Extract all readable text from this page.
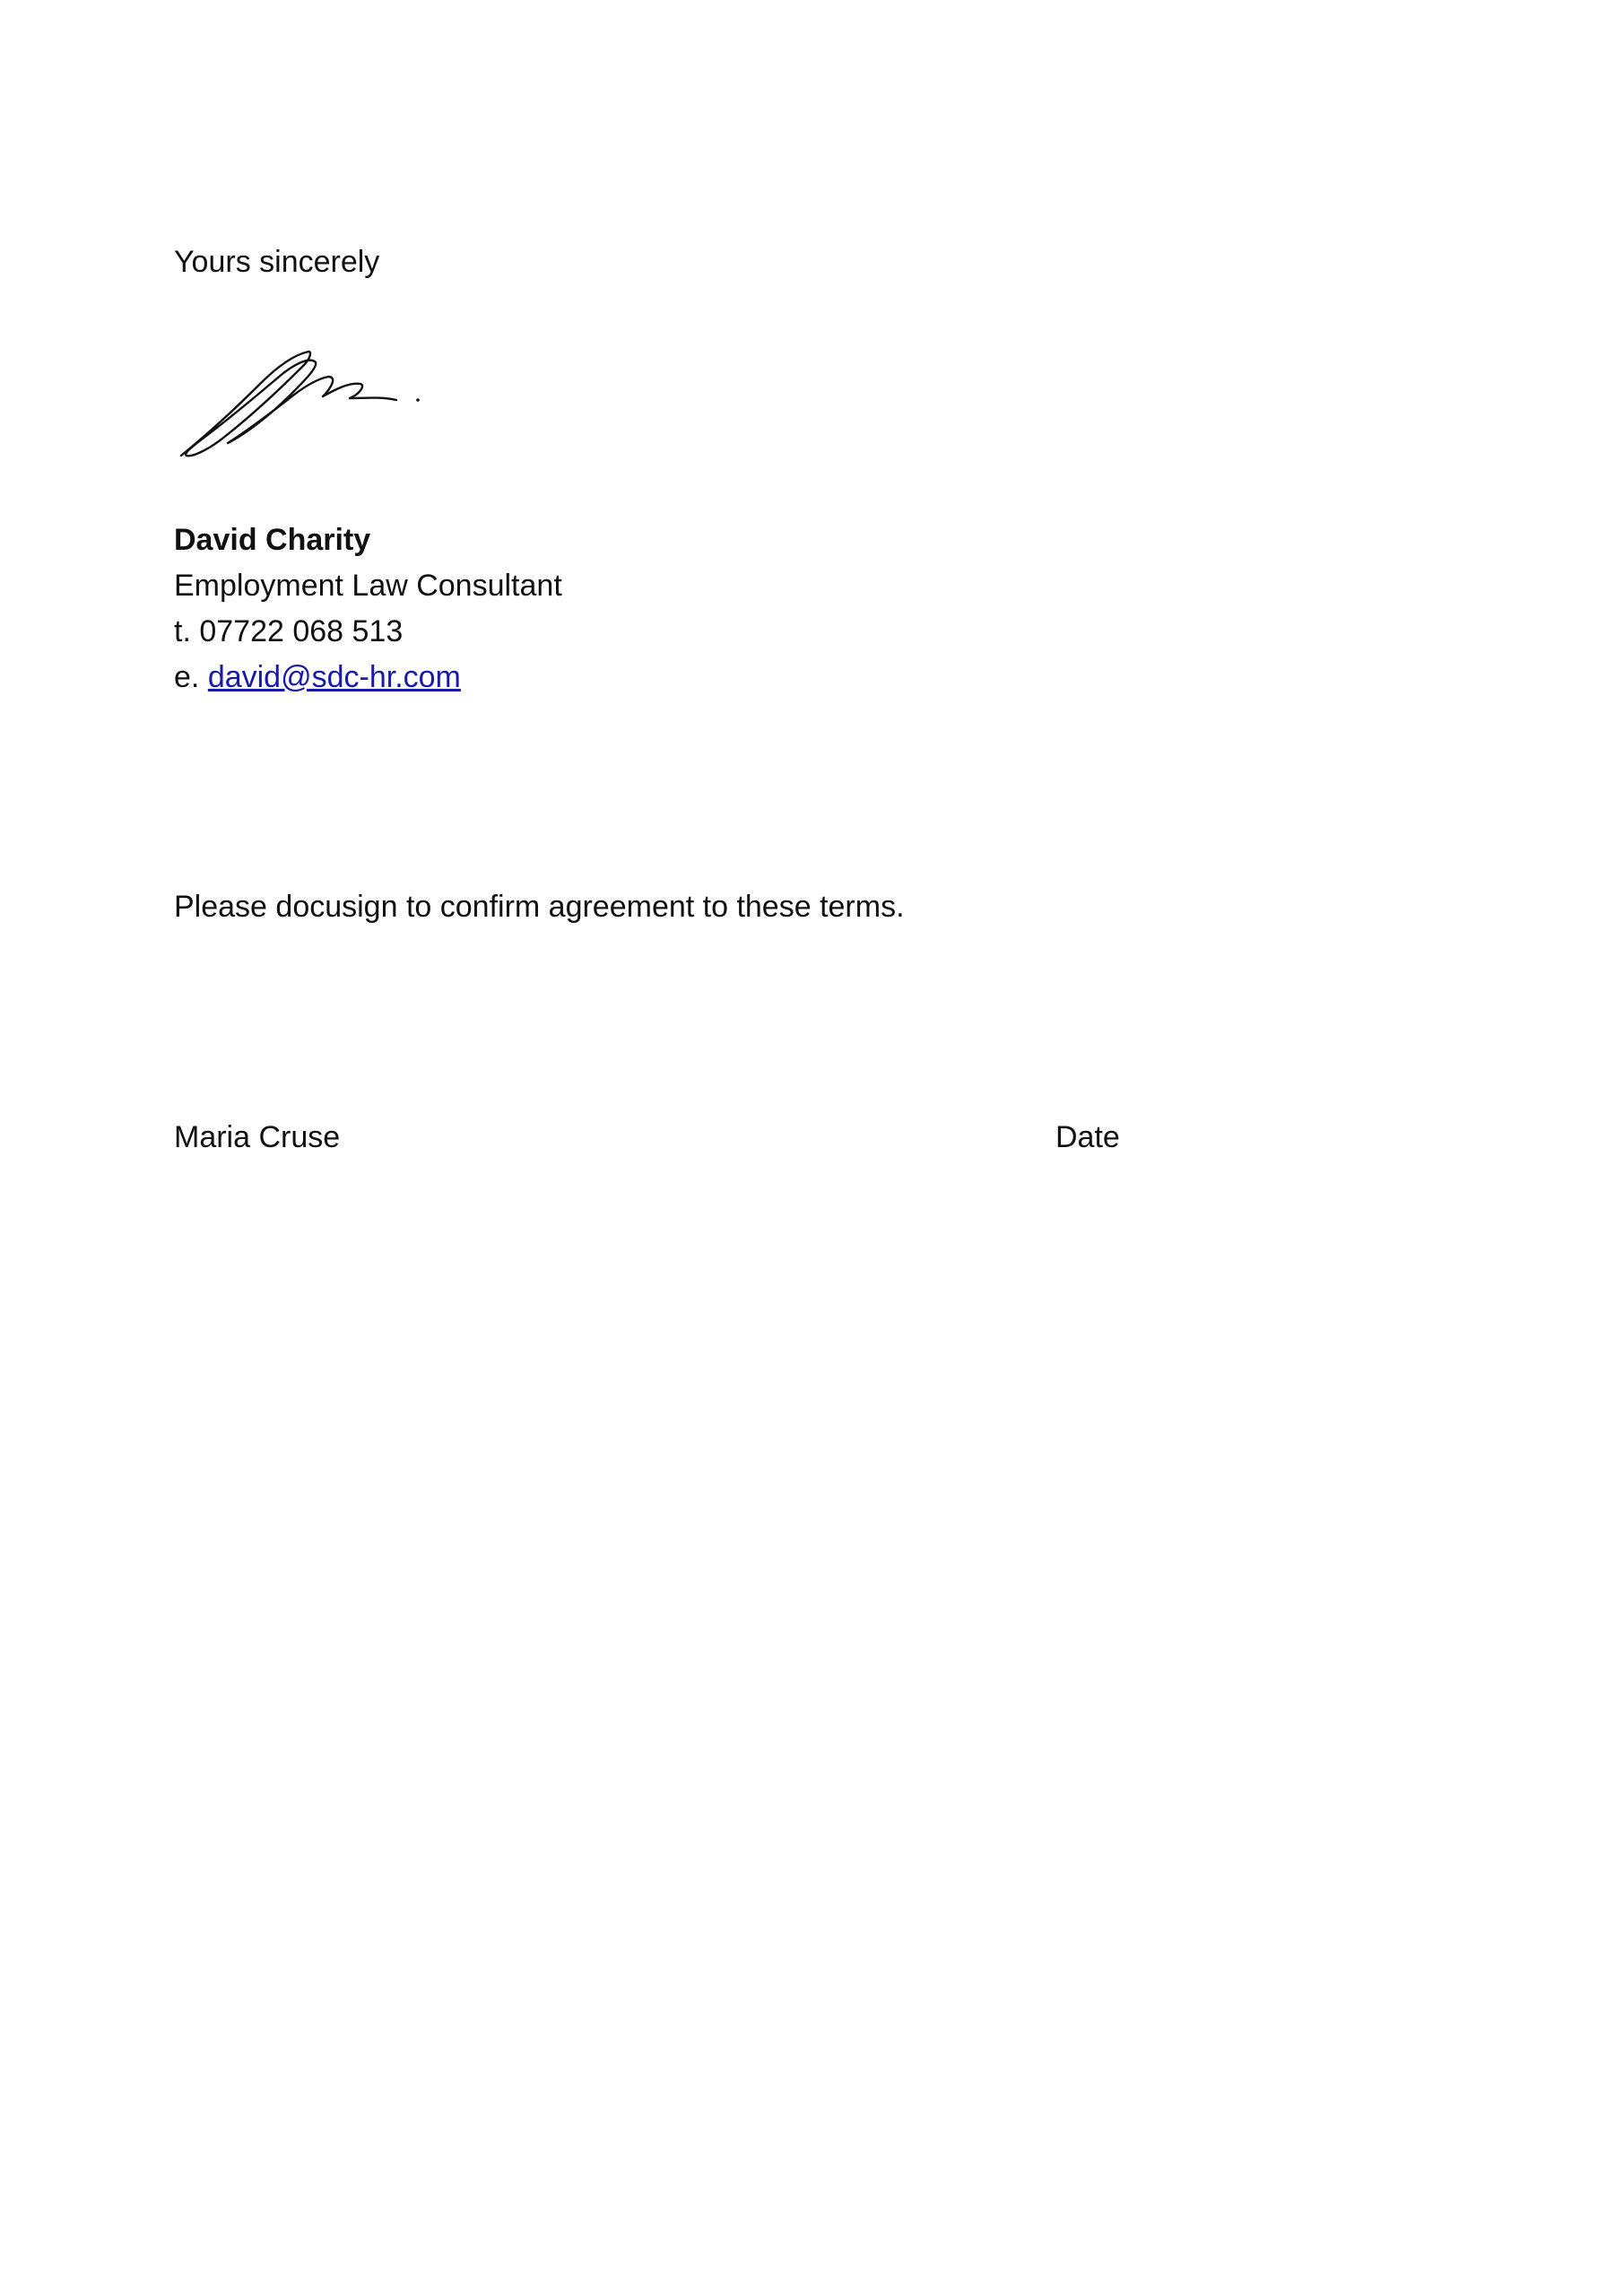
Yours sincerely
David Charity
Employment Law Consultant
t. 07722 068 513
e. david@sdc-hr.com
Please docusign to confirm agreement to these terms.
Maria Cruse	Date
